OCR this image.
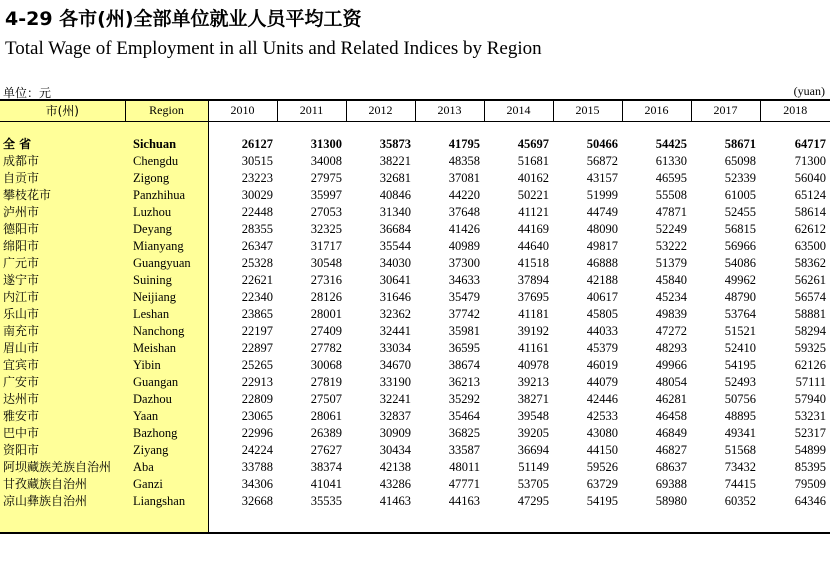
4-29 各市(州)全部单位就业人员平均工资
Total Wage of Employment in all Units and Related Indices by Region
单位：元	(yuan)
市(州)	Region	2010	2011	2012	2013	2014	2015	2016	2017	2018

全 省	Sichuan	26127	31300	35873	41795	45697	50466	54425	58671	64717
成都市	Chengdu	30515	34008	38221	48358	51681	56872	61330	65098	71300
自贡市	Zigong	23223	27975	32681	37081	40162	43157	46595	52339	56040
攀枝花市	Panzhihua	30029	35997	40846	44220	50221	51999	55508	61005	65124
泸州市	Luzhou	22448	27053	31340	37648	41121	44749	47871	52455	58614
德阳市	Deyang	28355	32325	36684	41426	44169	48090	52249	56815	62612
绵阳市	Mianyang	26347	31717	35544	40989	44640	49817	53222	56966	63500
广元市	Guangyuan	25328	30548	34030	37300	41518	46888	51379	54086	58362
遂宁市	Suining	22621	27316	30641	34633	37894	42188	45840	49962	56261
内江市	Neijiang	22340	28126	31646	35479	37695	40617	45234	48790	56574
乐山市	Leshan	23865	28001	32362	37742	41181	45805	49839	53764	58881
南充市	Nanchong	22197	27409	32441	35981	39192	44033	47272	51521	58294
眉山市	Meishan	22897	27782	33034	36595	41161	45379	48293	52410	59325
宜宾市	Yibin	25265	30068	34670	38674	40978	46019	49966	54195	62126
广安市	Guangan	22913	27819	33190	36213	39213	44079	48054	52493	57111
达州市	Dazhou	22809	27507	32241	35292	38271	42446	46281	50756	57940
雅安市	Yaan	23065	28061	32837	35464	39548	42533	46458	48895	53231
巴中市	Bazhong	22996	26389	30909	36825	39205	43080	46849	49341	52317
资阳市	Ziyang	24224	27627	30434	33587	36694	44150	46827	51568	54899
阿坝藏族羌族自治州	Aba	33788	38374	42138	48011	51149	59526	68637	73432	85395
甘孜藏族自治州	Ganzi	34306	41041	43286	47771	53705	63729	69388	74415	79509
凉山彝族自治州	Liangshan	32668	35535	41463	44163	47295	54195	58980	60352	64346
